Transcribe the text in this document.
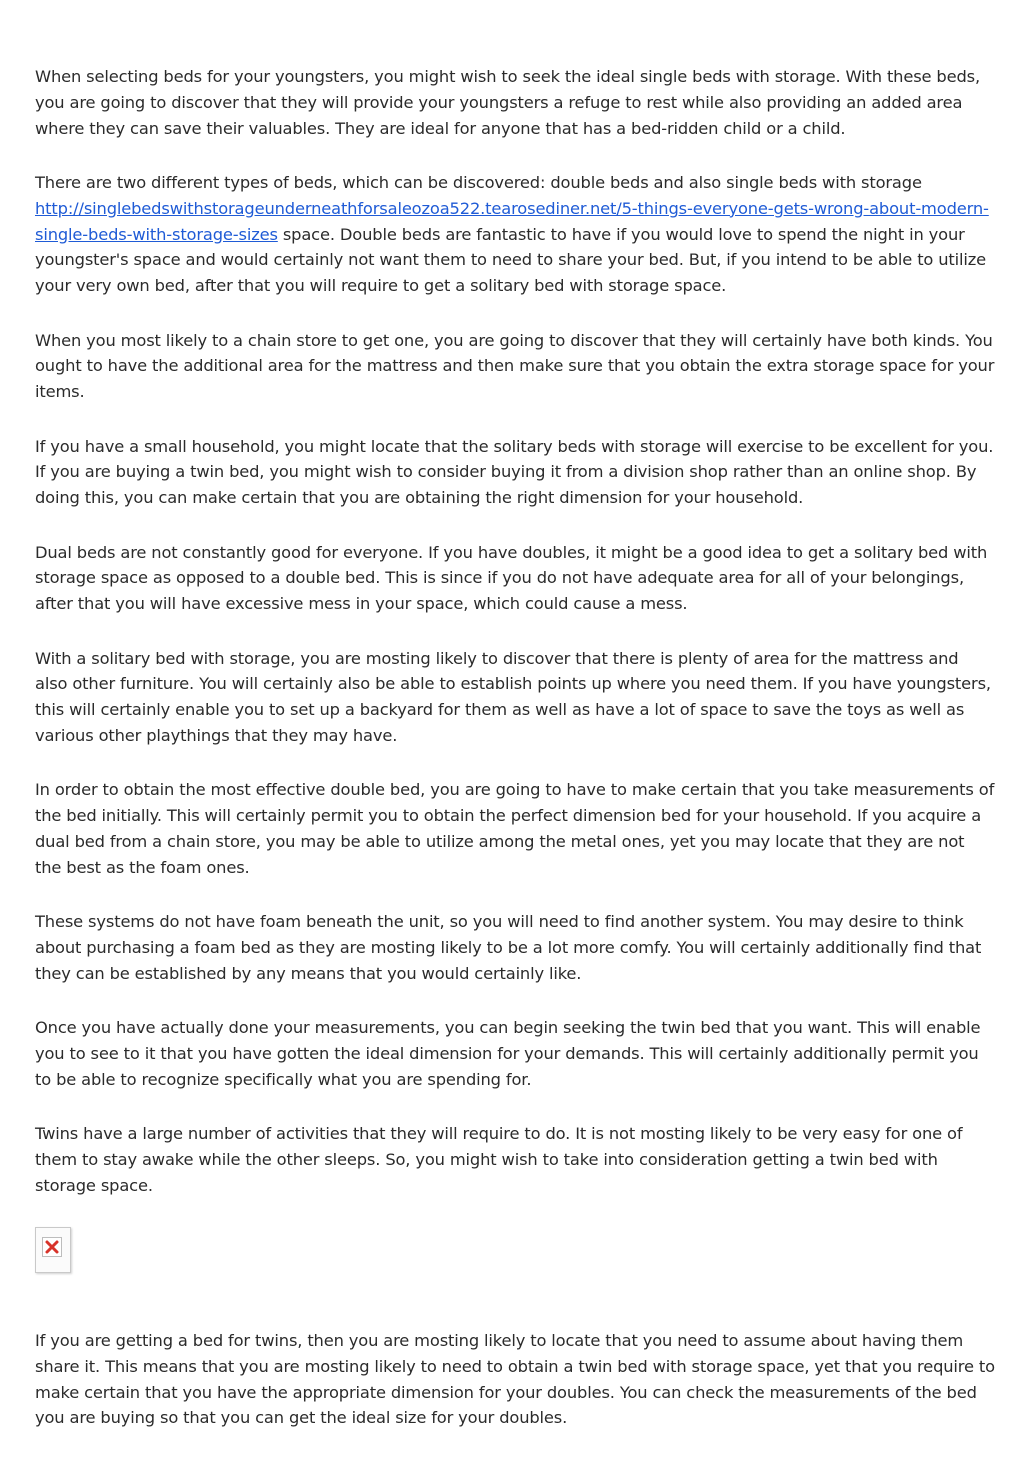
When selecting beds for your youngsters, you might wish to seek the ideal single beds with storage. With these beds, you are going to discover that they will provide your youngsters a refuge to rest while also providing an added area where they can save their valuables. They are ideal for anyone that has a bed-ridden child or a child.

There are two different types of beds, which can be discovered: double beds and also single beds with storage http://singlebedswithstorageunderneathforsaleozoa522.tearosediner.net/5-things-everyone-gets-wrong-about-modern-single-beds-with-storage-sizes space. Double beds are fantastic to have if you would love to spend the night in your youngster's space and would certainly not want them to need to share your bed. But, if you intend to be able to utilize your very own bed, after that you will require to get a solitary bed with storage space.

When you most likely to a chain store to get one, you are going to discover that they will certainly have both kinds. You ought to have the additional area for the mattress and then make sure that you obtain the extra storage space for your items.

If you have a small household, you might locate that the solitary beds with storage will exercise to be excellent for you. If you are buying a twin bed, you might wish to consider buying it from a division shop rather than an online shop. By doing this, you can make certain that you are obtaining the right dimension for your household.

Dual beds are not constantly good for everyone. If you have doubles, it might be a good idea to get a solitary bed with storage space as opposed to a double bed. This is since if you do not have adequate area for all of your belongings, after that you will have excessive mess in your space, which could cause a mess.

With a solitary bed with storage, you are mosting likely to discover that there is plenty of area for the mattress and also other furniture. You will certainly also be able to establish points up where you need them. If you have youngsters, this will certainly enable you to set up a backyard for them as well as have a lot of space to save the toys as well as various other playthings that they may have.

In order to obtain the most effective double bed, you are going to have to make certain that you take measurements of the bed initially. This will certainly permit you to obtain the perfect dimension bed for your household. If you acquire a dual bed from a chain store, you may be able to utilize among the metal ones, yet you may locate that they are not the best as the foam ones.

These systems do not have foam beneath the unit, so you will need to find another system. You may desire to think about purchasing a foam bed as they are mosting likely to be a lot more comfy. You will certainly additionally find that they can be established by any means that you would certainly like.

Once you have actually done your measurements, you can begin seeking the twin bed that you want. This will enable you to see to it that you have gotten the ideal dimension for your demands. This will certainly additionally permit you to be able to recognize specifically what you are spending for.

Twins have a large number of activities that they will require to do. It is not mosting likely to be very easy for one of them to stay awake while the other sleeps. So, you might wish to take into consideration getting a twin bed with storage space.

If you are getting a bed for twins, then you are mosting likely to locate that you need to assume about having them share it. This means that you are mosting likely to need to obtain a twin bed with storage space, yet that you require to make certain that you have the appropriate dimension for your doubles. You can check the measurements of the bed you are buying so that you can get the ideal size for your doubles.
